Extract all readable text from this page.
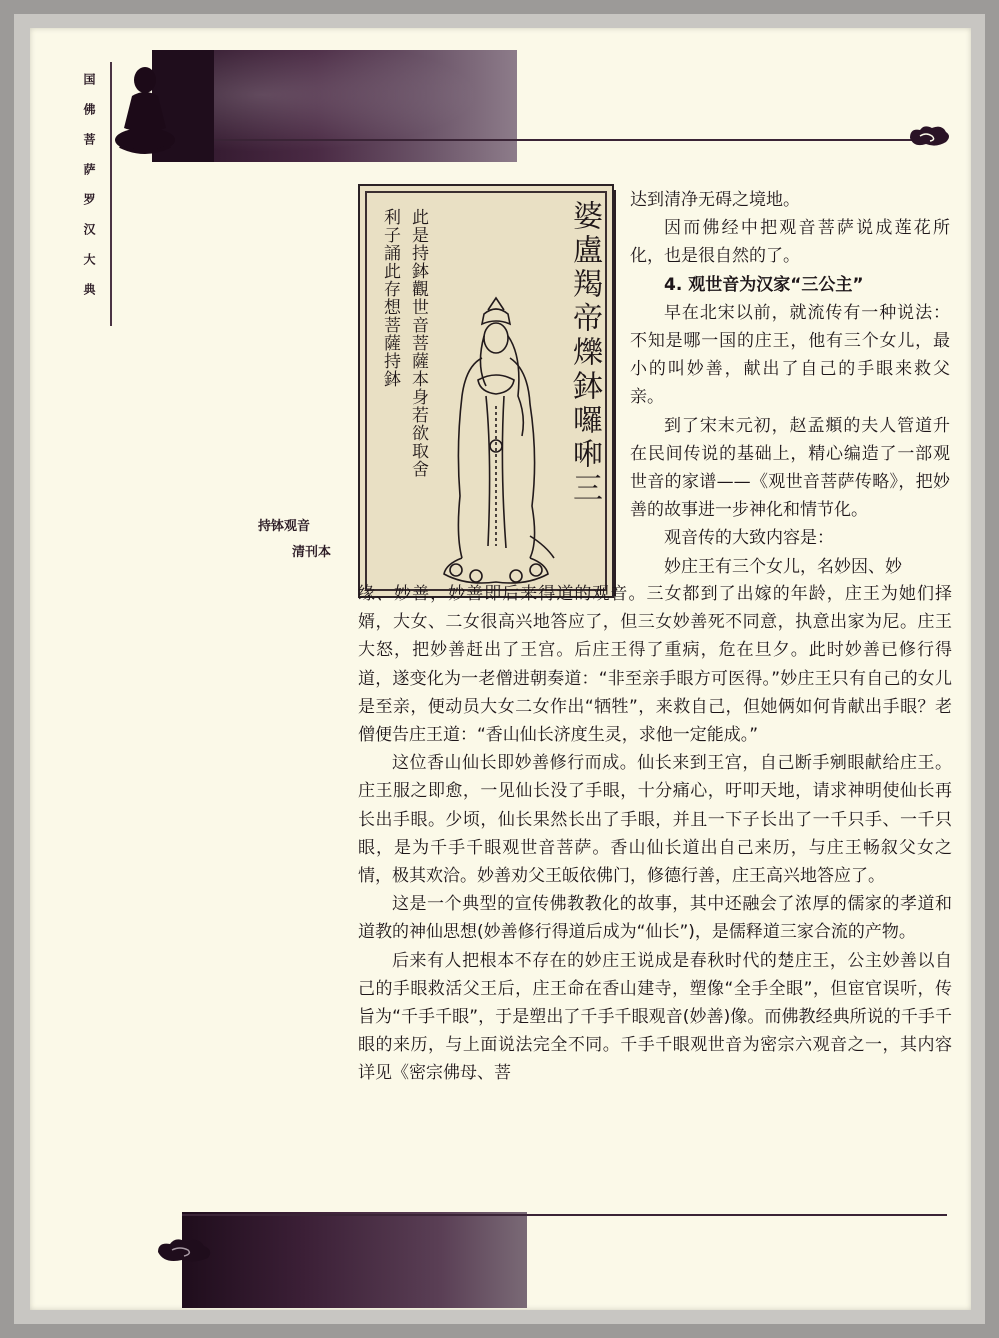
国佛菩萨罗汉大典
婆盧羯帝爍鉢囉啝三
此是持鉢觀世音菩薩本身若欲取舍利子誦此存想菩薩持鉢
持钵观音
清刊本

达到清净无碍之境地。

因而佛经中把观音菩萨说成莲花所化，也是很自然的了。

4. 观世音为汉家“三公主”

早在北宋以前，就流传有一种说法：不知是哪一国的庄王，他有三个女儿，最小的叫妙善，献出了自己的手眼来救父亲。

到了宋末元初，赵孟頫的夫人管道升在民间传说的基础上，精心编造了一部观世音的家谱——《观世音菩萨传略》，把妙善的故事进一步神化和情节化。

观音传的大致内容是：

妙庄王有三个女儿，名妙因、妙

缘、妙善，妙善即后来得道的观音。三女都到了出嫁的年龄，庄王为她们择婿，大女、二女很高兴地答应了，但三女妙善死不同意，执意出家为尼。庄王大怒，把妙善赶出了王宫。后庄王得了重病，危在旦夕。此时妙善已修行得道，遂变化为一老僧进朝奏道：“非至亲手眼方可医得。”妙庄王只有自己的女儿是至亲，便动员大女二女作出“牺牲”，来救自己，但她俩如何肯献出手眼？老僧便告庄王道：“香山仙长济度生灵，求他一定能成。”

这位香山仙长即妙善修行而成。仙长来到王宫，自己断手剜眼献给庄王。庄王服之即愈，一见仙长没了手眼，十分痛心，吁叩天地，请求神明使仙长再长出手眼。少顷，仙长果然长出了手眼，并且一下子长出了一千只手、一千只眼，是为千手千眼观世音菩萨。香山仙长道出自己来历，与庄王畅叙父女之情，极其欢洽。妙善劝父王皈依佛门，修德行善，庄王高兴地答应了。

这是一个典型的宣传佛教教化的故事，其中还融会了浓厚的儒家的孝道和道教的神仙思想(妙善修行得道后成为“仙长”)，是儒释道三家合流的产物。

后来有人把根本不存在的妙庄王说成是春秋时代的楚庄王，公主妙善以自己的手眼救活父王后，庄王命在香山建寺，塑像“全手全眼”，但宦官误听，传旨为“千手千眼”，于是塑出了千手千眼观音(妙善)像。而佛教经典所说的千手千眼的来历，与上面说法完全不同。千手千眼观世音为密宗六观音之一，其内容详见《密宗佛母、菩
